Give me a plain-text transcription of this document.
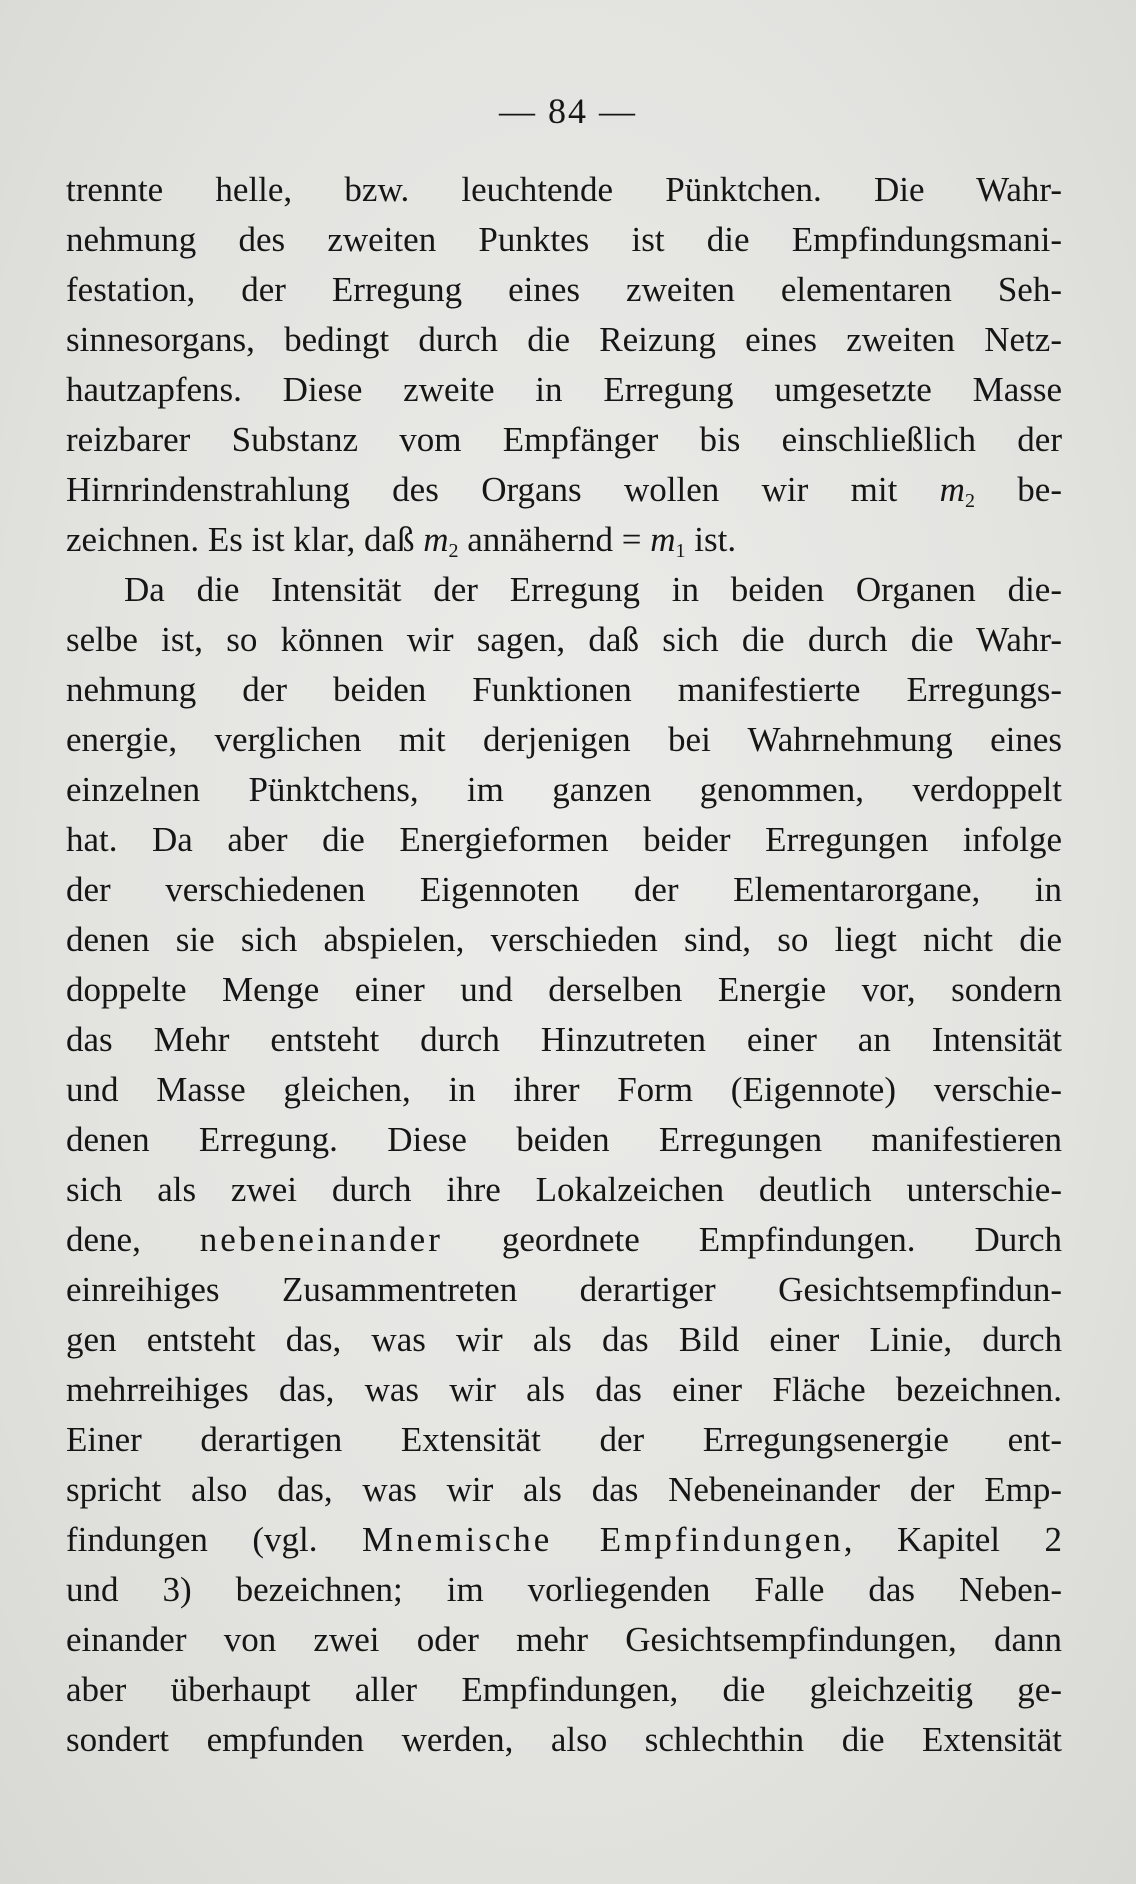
— 84 —
trennte helle, bzw. leuchtende Pünktchen. Die Wahr-
nehmung des zweiten Punktes ist die Empfindungsmani-
festation, der Erregung eines zweiten elementaren Seh-
sinnesorgans, bedingt durch die Reizung eines zweiten Netz-
hautzapfens. Diese zweite in Erregung umgesetzte Masse
reizbarer Substanz vom Empfänger bis einschließlich der
Hirnrindenstrahlung des Organs wollen wir mit $m_2$ be-
zeichnen. Es ist klar, daß $m_2$ annähernd = $m_1$ ist.
Da die Intensität der Erregung in beiden Organen die-
selbe ist, so können wir sagen, daß sich die durch die Wahr-
nehmung der beiden Funktionen manifestierte Erregungs-
energie, verglichen mit derjenigen bei Wahrnehmung eines
einzelnen Pünktchens, im ganzen genommen, verdoppelt
hat. Da aber die Energieformen beider Erregungen infolge
der verschiedenen Eigennoten der Elementarorgane, in
denen sie sich abspielen, verschieden sind, so liegt nicht die
doppelte Menge einer und derselben Energie vor, sondern
das Mehr entsteht durch Hinzutreten einer an Intensität
und Masse gleichen, in ihrer Form (Eigennote) verschie-
denen Erregung. Diese beiden Erregungen manifestieren
sich als zwei durch ihre Lokalzeichen deutlich unterschie-
dene, nebeneinander geordnete Empfindungen. Durch
einreihiges Zusammentreten derartiger Gesichtsempfindun-
gen entsteht das, was wir als das Bild einer Linie, durch
mehrreihiges das, was wir als das einer Fläche bezeichnen.
Einer derartigen Extensität der Erregungsenergie ent-
spricht also das, was wir als das Nebeneinander der Emp-
findungen (vgl. Mnemische Empfindungen, Kapitel 2
und 3) bezeichnen; im vorliegenden Falle das Neben-
einander von zwei oder mehr Gesichtsempfindungen, dann
aber überhaupt aller Empfindungen, die gleichzeitig ge-
sondert empfunden werden, also schlechthin die Extensität
